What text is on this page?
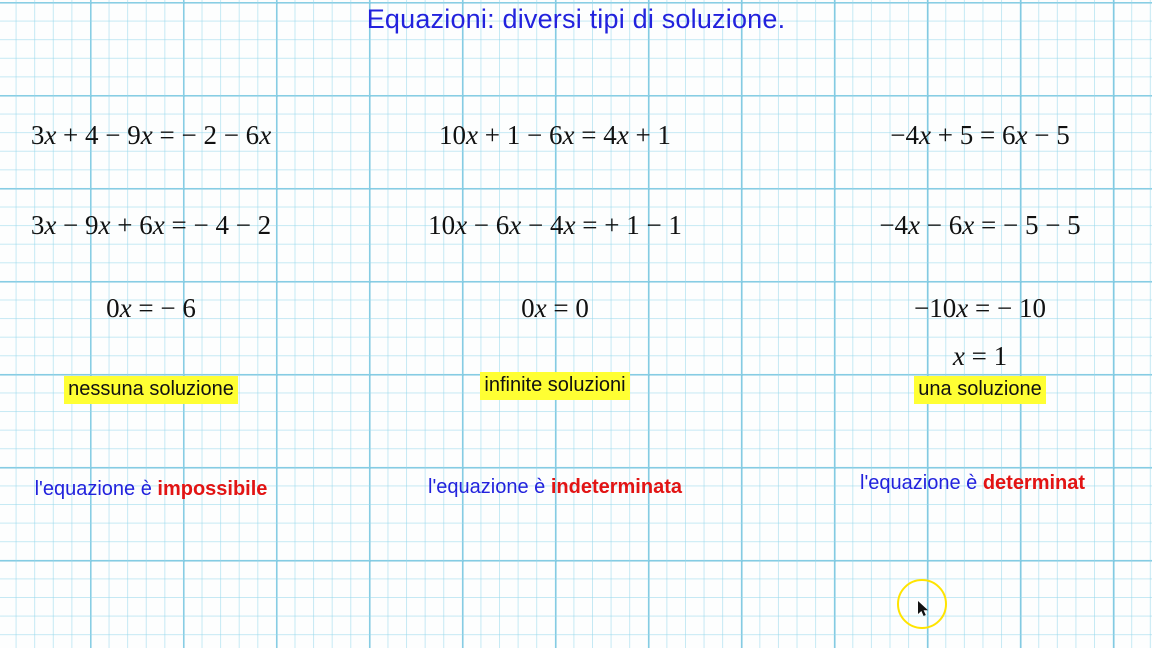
Equazioni: diversi tipi di soluzione.
3x + 4 − 9x = − 2 − 6x
3x − 9x + 6x = − 4 − 2
0x = − 6
nessuna soluzione
l'equazione è impossibile
10x + 1 − 6x = 4x + 1
10x − 6x − 4x = + 1 − 1
0x = 0
infinite soluzioni
l'equazione è indeterminata
−4x + 5 = 6x − 5
−4x − 6x = − 5 − 5
−10x = − 10
x = 1
una soluzione
l'equazione è determinat
